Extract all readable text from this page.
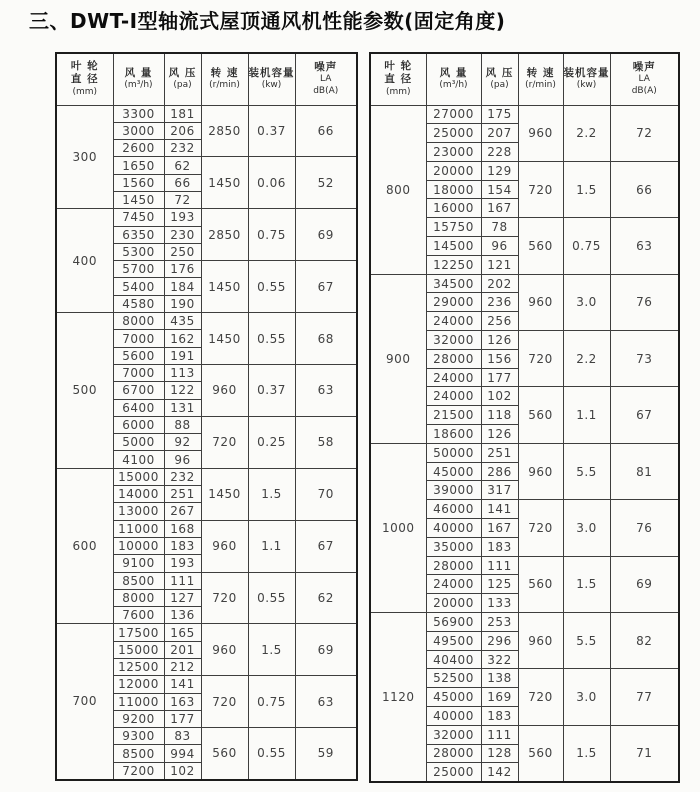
三、DWT-I型轴流式屋顶通风机性能参数(固定角度)
叶 轮
直 径
(mm)

风 量
(m³/h)

风 压
(pa)

转 速
(r/min)

装机容量
(kw)

噪声
LA
dB(A)

300	3300	181	2850	0.37	66
	3000	206			
	2600	232			
	1650	62	1450	0.06	52
	1560	66			
	1450	72			
400	7450	193	2850	0.75	69
	6350	230			
	5300	250			
	5700	176	1450	0.55	67
	5400	184			
	4580	190			
500	8000	435	1450	0.55	68
	7000	162			
	5600	191			
	7000	113	960	0.37	63
	6700	122			
	6400	131			
	6000	88	720	0.25	58
	5000	92			
	4100	96			
600	15000	232	1450	1.5	70
	14000	251			
	13000	267			
	11000	168	960	1.1	67
	10000	183			
	9100	193			
	8500	111	720	0.55	62
	8000	127			
	7600	136			
700	17500	165	960	1.5	69
	15000	201			
	12500	212			
	12000	141	720	0.75	63
	11000	163			
	9200	177			
	9300	83	560	0.55	59
	8500	994			
	7200	102			
叶 轮
直 径
(mm)

风 量
(m³/h)

风 压
(pa)

转 速
(r/min)

装机容量
(kw)

噪声
LA
dB(A)

800	27000	175	960	2.2	72
	25000	207			
	23000	228			
	20000	129	720	1.5	66
	18000	154			
	16000	167			
	15750	78	560	0.75	63
	14500	96			
	12250	121			
900	34500	202	960	3.0	76
	29000	236			
	24000	256			
	32000	126	720	2.2	73
	28000	156			
	24000	177			
	24000	102	560	1.1	67
	21500	118			
	18600	126			
1000	50000	251	960	5.5	81
	45000	286			
	39000	317			
	46000	141	720	3.0	76
	40000	167			
	35000	183			
	28000	111	560	1.5	69
	24000	125			
	20000	133			
1120	56900	253	960	5.5	82
	49500	296			
	40400	322			
	52500	138	720	3.0	77
	45000	169			
	40000	183			
	32000	111	560	1.5	71
	28000	128			
	25000	142			
